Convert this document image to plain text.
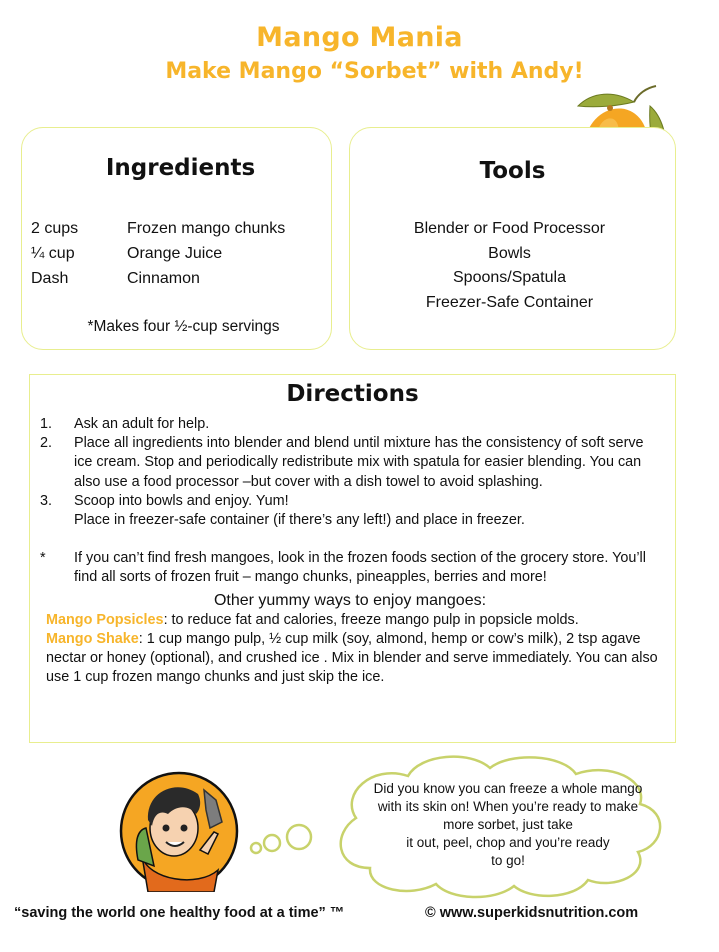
Mango Mania
Make Mango “Sorbet” with Andy!
Ingredients
2 cups	Frozen mango chunks
¼ cup	Orange Juice
Dash	Cinnamon
*Makes four ½-cup servings
Tools
Blender or Food Processor
Bowls
Spoons/Spatula
Freezer-Safe Container
Directions
1.	Ask an adult for help.
2.	Place all ingredients into blender and blend until mixture has the consistency of soft serve ice cream. Stop and periodically redistribute mix with spatula for easier blending. You can also use a food processor –but cover with a dish towel to avoid splashing.
3.	Scoop into bowls and enjoy. Yum!
Place in freezer-safe container (if there’s any left!) and place in freezer.
*	If you can’t find fresh mangoes, look in the frozen foods section of the grocery store. You’ll find all sorts of frozen fruit – mango chunks, pineapples, berries and more!
Other yummy ways to enjoy mangoes:
Mango Popsicles: to reduce fat and calories, freeze mango pulp in popsicle molds.
Mango Shake: 1 cup mango pulp, ½ cup milk (soy, almond, hemp or cow’s milk), 2 tsp agave nectar or honey (optional), and crushed ice . Mix in blender and serve immediately. You can also use 1 cup frozen mango chunks and just skip the ice.
Did you know you can freeze a whole mango
with its skin on! When you’re ready to make
more sorbet, just take
it out, peel, chop and you’re ready
to go!
“saving the world one healthy food at a time” ™	© www.superkidsnutrition.com
